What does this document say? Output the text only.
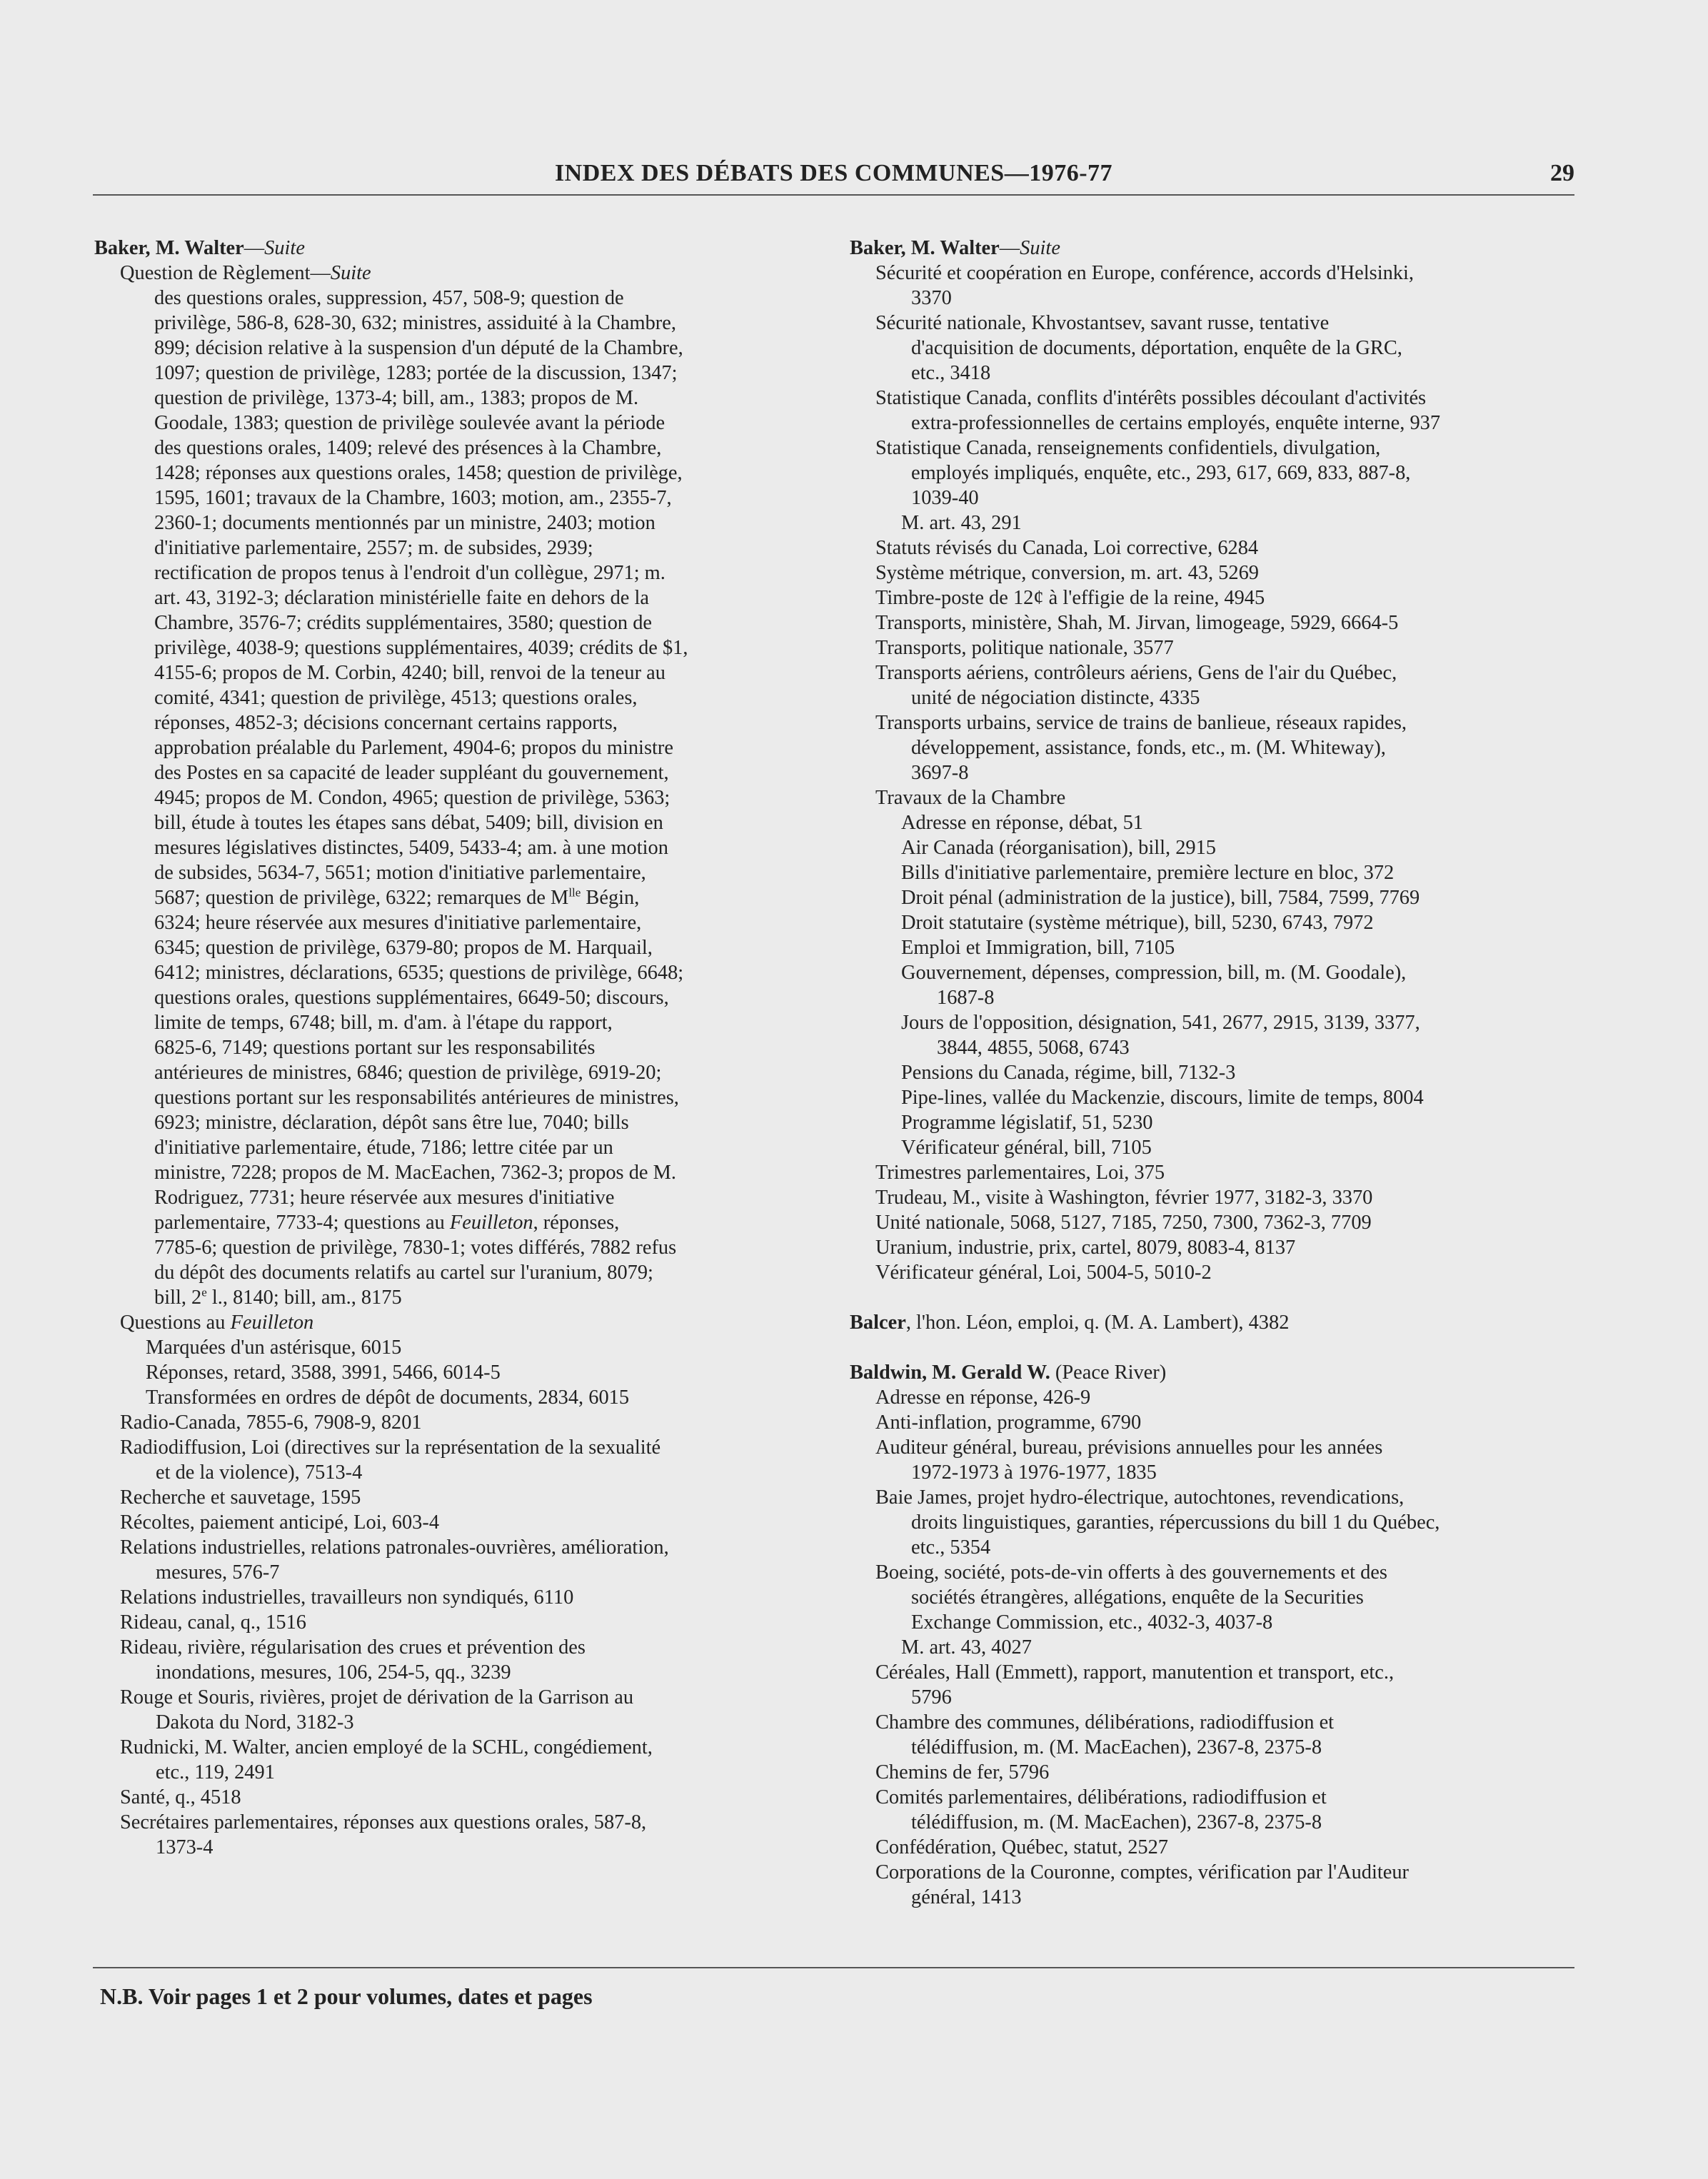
INDEX DES DÉBATS DES COMMUNES—1976-77	29
Baker, M. Walter—Suite
Question de Règlement—Suite
des questions orales, suppression, 457, 508-9; question de
privilège, 586-8, 628-30, 632; ministres, assiduité à la Chambre,
899; décision relative à la suspension d'un député de la Chambre,
1097; question de privilège, 1283; portée de la discussion, 1347;
question de privilège, 1373-4; bill, am., 1383; propos de M.
Goodale, 1383; question de privilège soulevée avant la période
des questions orales, 1409; relevé des présences à la Chambre,
1428; réponses aux questions orales, 1458; question de privilège,
1595, 1601; travaux de la Chambre, 1603; motion, am., 2355-7,
2360-1; documents mentionnés par un ministre, 2403; motion
d'initiative parlementaire, 2557; m. de subsides, 2939;
rectification de propos tenus à l'endroit d'un collègue, 2971; m.
art. 43, 3192-3; déclaration ministérielle faite en dehors de la
Chambre, 3576-7; crédits supplémentaires, 3580; question de
privilège, 4038-9; questions supplémentaires, 4039; crédits de $1,
4155-6; propos de M. Corbin, 4240; bill, renvoi de la teneur au
comité, 4341; question de privilège, 4513; questions orales,
réponses, 4852-3; décisions concernant certains rapports,
approbation préalable du Parlement, 4904-6; propos du ministre
des Postes en sa capacité de leader suppléant du gouvernement,
4945; propos de M. Condon, 4965; question de privilège, 5363;
bill, étude à toutes les étapes sans débat, 5409; bill, division en
mesures législatives distinctes, 5409, 5433-4; am. à une motion
de subsides, 5634-7, 5651; motion d'initiative parlementaire,
5687; question de privilège, 6322; remarques de $M^{lle}$ Bégin,
6324; heure réservée aux mesures d'initiative parlementaire,
6345; question de privilège, 6379-80; propos de M. Harquail,
6412; ministres, déclarations, 6535; questions de privilège, 6648;
questions orales, questions supplémentaires, 6649-50; discours,
limite de temps, 6748; bill, m. d'am. à l'étape du rapport,
6825-6, 7149; questions portant sur les responsabilités
antérieures de ministres, 6846; question de privilège, 6919-20;
questions portant sur les responsabilités antérieures de ministres,
6923; ministre, déclaration, dépôt sans être lue, 7040; bills
d'initiative parlementaire, étude, 7186; lettre citée par un
ministre, 7228; propos de M. MacEachen, 7362-3; propos de M.
Rodriguez, 7731; heure réservée aux mesures d'initiative
parlementaire, 7733-4; questions au Feuilleton, réponses,
7785-6; question de privilège, 7830-1; votes différés, 7882 refus
du dépôt des documents relatifs au cartel sur l'uranium, 8079;
bill, 2e l., 8140; bill, am., 8175
Questions au Feuilleton
Marquées d'un astérisque, 6015
Réponses, retard, 3588, 3991, 5466, 6014-5
Transformées en ordres de dépôt de documents, 2834, 6015
Radio-Canada, 7855-6, 7908-9, 8201
Radiodiffusion, Loi (directives sur la représentation de la sexualité
et de la violence), 7513-4
Recherche et sauvetage, 1595
Récoltes, paiement anticipé, Loi, 603-4
Relations industrielles, relations patronales-ouvrières, amélioration,
mesures, 576-7
Relations industrielles, travailleurs non syndiqués, 6110
Rideau, canal, q., 1516
Rideau, rivière, régularisation des crues et prévention des
inondations, mesures, 106, 254-5, qq., 3239
Rouge et Souris, rivières, projet de dérivation de la Garrison au
Dakota du Nord, 3182-3
Rudnicki, M. Walter, ancien employé de la SCHL, congédiement,
etc., 119, 2491
Santé, q., 4518
Secrétaires parlementaires, réponses aux questions orales, 587-8,
1373-4
Baker, M. Walter—Suite
Sécurité et coopération en Europe, conférence, accords d'Helsinki,
3370
Sécurité nationale, Khvostantsev, savant russe, tentative
d'acquisition de documents, déportation, enquête de la GRC,
etc., 3418
Statistique Canada, conflits d'intérêts possibles découlant d'activités
extra-professionnelles de certains employés, enquête interne, 937
Statistique Canada, renseignements confidentiels, divulgation,
employés impliqués, enquête, etc., 293, 617, 669, 833, 887-8,
1039-40
M. art. 43, 291
Statuts révisés du Canada, Loi corrective, 6284
Système métrique, conversion, m. art. 43, 5269
Timbre-poste de 12¢ à l'effigie de la reine, 4945
Transports, ministère, Shah, M. Jirvan, limogeage, 5929, 6664-5
Transports, politique nationale, 3577
Transports aériens, contrôleurs aériens, Gens de l'air du Québec,
unité de négociation distincte, 4335
Transports urbains, service de trains de banlieue, réseaux rapides,
développement, assistance, fonds, etc., m. (M. Whiteway),
3697-8
Travaux de la Chambre
Adresse en réponse, débat, 51
Air Canada (réorganisation), bill, 2915
Bills d'initiative parlementaire, première lecture en bloc, 372
Droit pénal (administration de la justice), bill, 7584, 7599, 7769
Droit statutaire (système métrique), bill, 5230, 6743, 7972
Emploi et Immigration, bill, 7105
Gouvernement, dépenses, compression, bill, m. (M. Goodale),
1687-8
Jours de l'opposition, désignation, 541, 2677, 2915, 3139, 3377,
3844, 4855, 5068, 6743
Pensions du Canada, régime, bill, 7132-3
Pipe-lines, vallée du Mackenzie, discours, limite de temps, 8004
Programme législatif, 51, 5230
Vérificateur général, bill, 7105
Trimestres parlementaires, Loi, 375
Trudeau, M., visite à Washington, février 1977, 3182-3, 3370
Unité nationale, 5068, 5127, 7185, 7250, 7300, 7362-3, 7709
Uranium, industrie, prix, cartel, 8079, 8083-4, 8137
Vérificateur général, Loi, 5004-5, 5010-2
Balcer, l'hon. Léon, emploi, q. (M. A. Lambert), 4382
Baldwin, M. Gerald W. (Peace River)
Adresse en réponse, 426-9
Anti-inflation, programme, 6790
Auditeur général, bureau, prévisions annuelles pour les années
1972-1973 à 1976-1977, 1835
Baie James, projet hydro-électrique, autochtones, revendications,
droits linguistiques, garanties, répercussions du bill 1 du Québec,
etc., 5354
Boeing, société, pots-de-vin offerts à des gouvernements et des
sociétés étrangères, allégations, enquête de la Securities
Exchange Commission, etc., 4032-3, 4037-8
M. art. 43, 4027
Céréales, Hall (Emmett), rapport, manutention et transport, etc.,
5796
Chambre des communes, délibérations, radiodiffusion et
télédiffusion, m. (M. MacEachen), 2367-8, 2375-8
Chemins de fer, 5796
Comités parlementaires, délibérations, radiodiffusion et
télédiffusion, m. (M. MacEachen), 2367-8, 2375-8
Confédération, Québec, statut, 2527
Corporations de la Couronne, comptes, vérification par l'Auditeur
général, 1413
N.B. Voir pages 1 et 2 pour volumes, dates et pages
